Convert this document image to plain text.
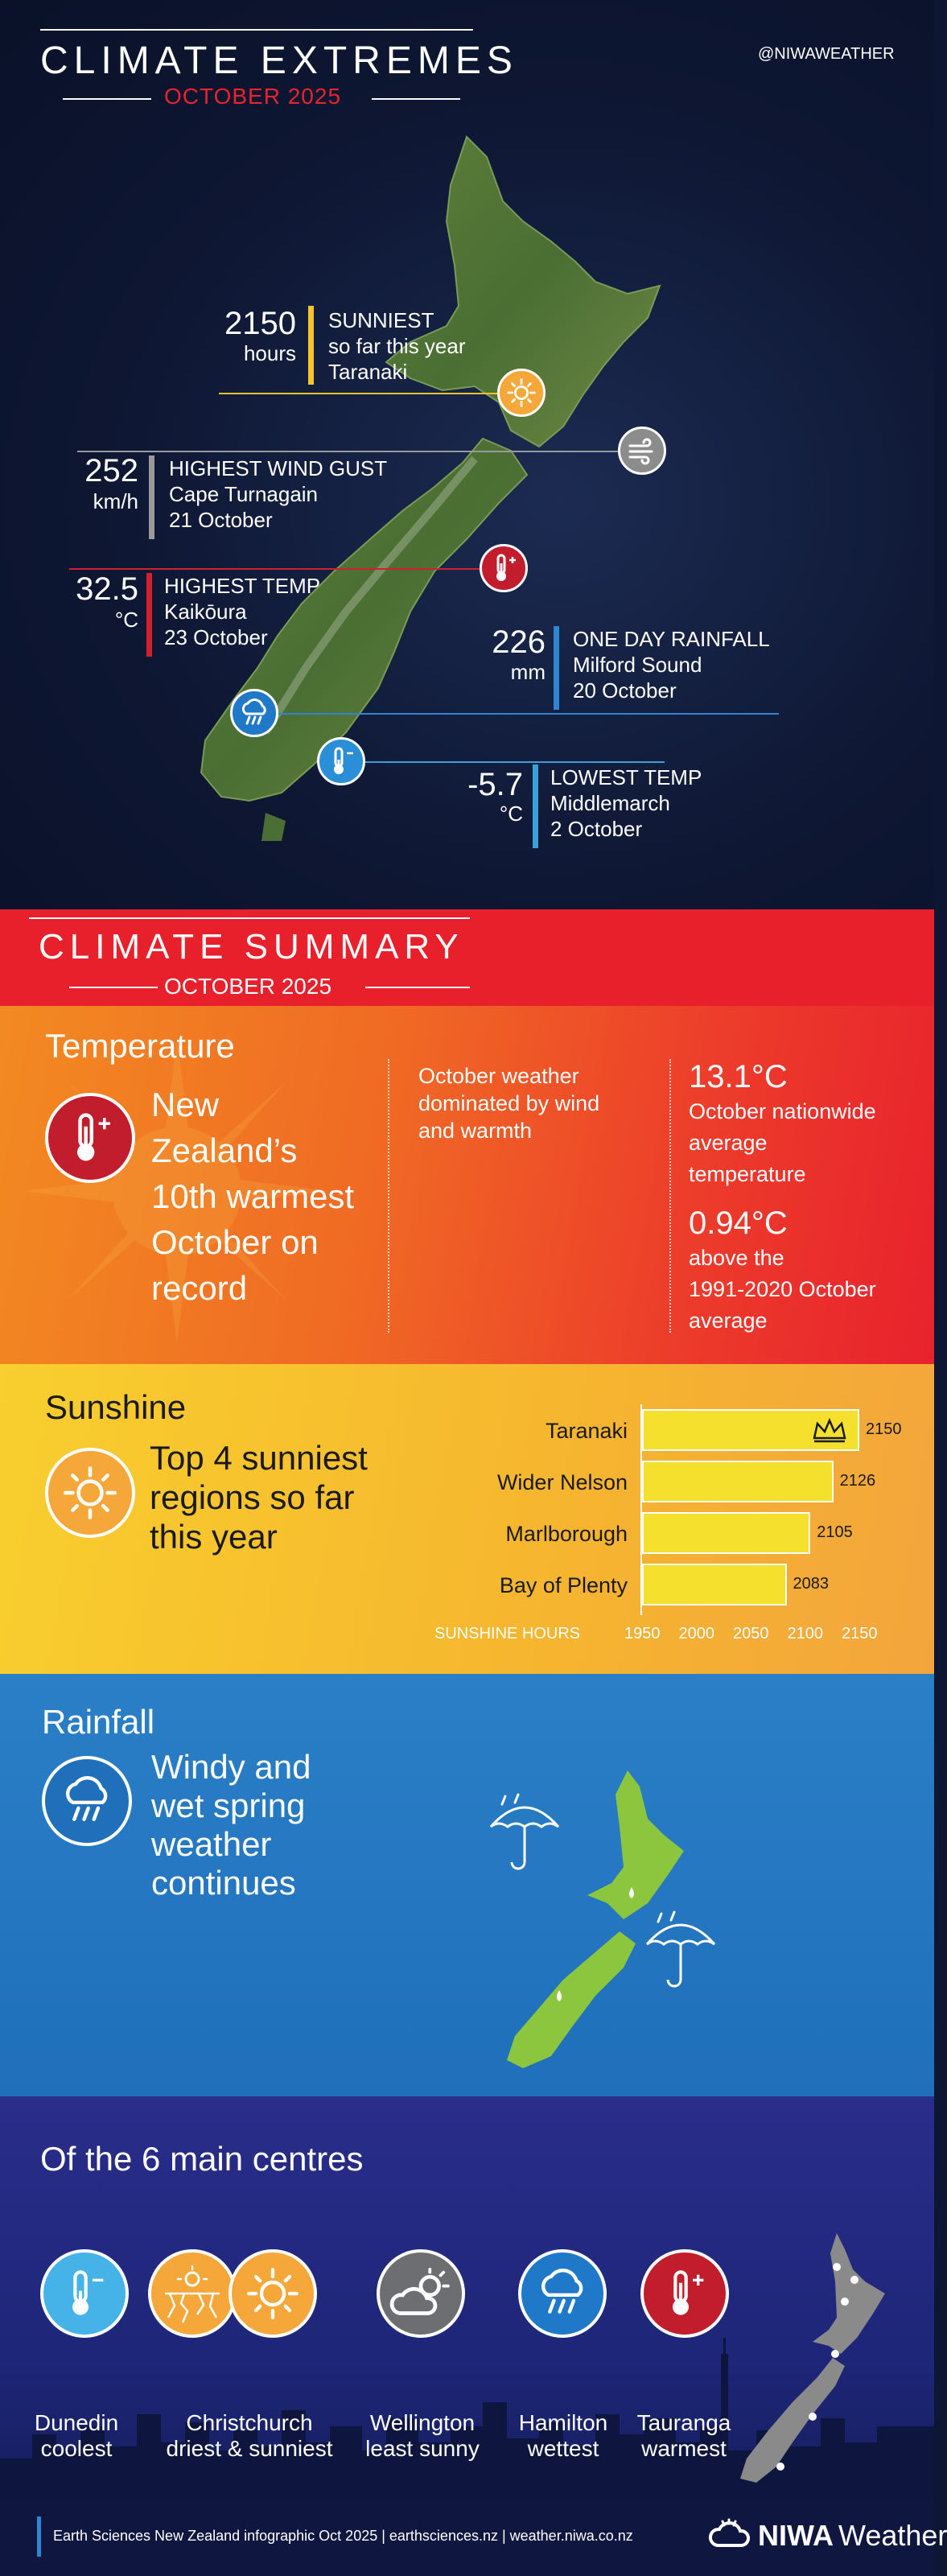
CLIMATE EXTREMES
OCTOBER 2025
@NIWAWEATHER
2150
hours
SUNNIEST
so far this year
Taranaki
252
km/h
HIGHEST WIND GUST
Cape Turnagain
21 October
32.5
°C
HIGHEST TEMP
Kaikōura
23 October	226
mm
ONE DAY RAINFALL
Milford Sound
20 October
-5.7
°C
LOWEST TEMP
Middlemarch
2 October
CLIMATE SUMMARY
OCTOBER 2025
Temperature
New
Zealand’s
10th warmest
October on
record
October weather
dominated by wind
and warmth
13.1°C
October nationwide
average
temperature
0.94°C
above the
1991-2020 October
average
Sunshine
Top 4 sunniest
regions so far
this year
SUNSHINE HOURS
Taranaki	2150
Wider Nelson	2126
Marlborough	2105
Bay of Plenty	2083
1950 2000 2050 2100 2150
Rainfall
Windy and
wet spring
weather
continues
Of the 6 main centres
Dunedin
coolest
Christchurch
driest & sunniest
Wellington
least sunny
Hamilton
wettest
Tauranga
warmest
Earth Sciences New Zealand infographic Oct 2025 | earthsciences.nz | weather.niwa.co.nz	NIWA Weather
